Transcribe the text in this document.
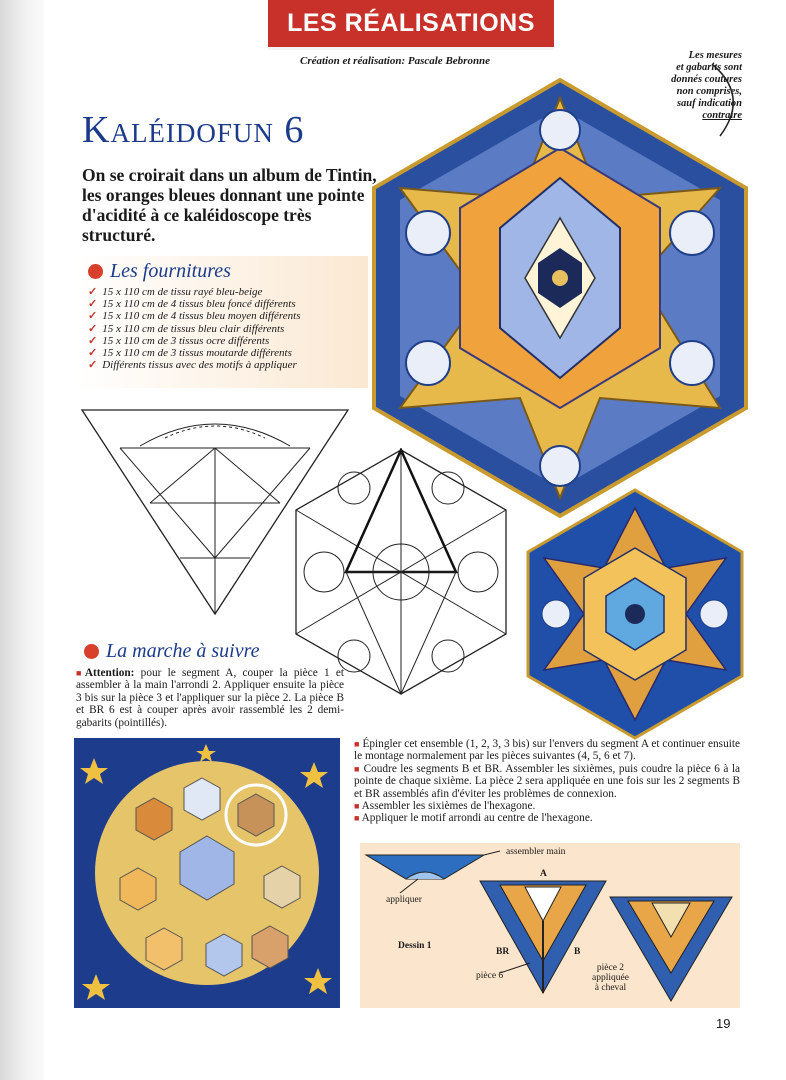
LES RÉALISATIONS
Création et réalisation: Pascale Bebronne	Les mesures
et gabarits sont
donnés coutures
non comprises,
sauf indication
contraire
Kaléidofun 6
On se croirait dans un album de Tintin, les oranges bleues donnant une pointe d'acidité à ce kaléidoscope très structuré.
Les fournitures
✓ 15 x 110 cm de tissu rayé bleu-beige
✓ 15 x 110 cm de 4 tissus bleu foncé différents
✓ 15 x 110 cm de 4 tissus bleu moyen différents
✓ 15 x 110 cm de tissus bleu clair différents
✓ 15 x 110 cm de 3 tissus ocre différents
✓ 15 x 110 cm de 3 tissus moutarde différents
✓ Différents tissus avec des motifs à appliquer
La marche à suivre
■Attention: pour le segment A, couper la pièce 1 et assembler à la main l'arrondi 2. Appliquer ensuite la pièce 3 bis sur la pièce 3 et l'appliquer sur la pièce 2. La pièce B et BR 6 est à couper après avoir rassemblé les 2 demi-gabarits (pointillés).

■ Épingler cet ensemble (1, 2, 3, 3 bis) sur l'envers du segment A et continuer ensuite le montage normalement par les pièces suivantes (4, 5, 6 et 7).

■ Coudre les segments B et BR. Assembler les sixièmes, puis coudre la pièce 6 à la pointe de chaque sixième. La pièce 2 sera appliquée en une fois sur les 2 segments B et BR assemblés afin d'éviter les problèmes de connexion.

■ Assembler les sixièmes de l'hexagone.

■ Appliquer le motif arrondi au centre de l'hexagone.

assembler main
appliquer
Dessin 1
A
BR	B
pièce 6
pièce 2
appliquée
à cheval
19
